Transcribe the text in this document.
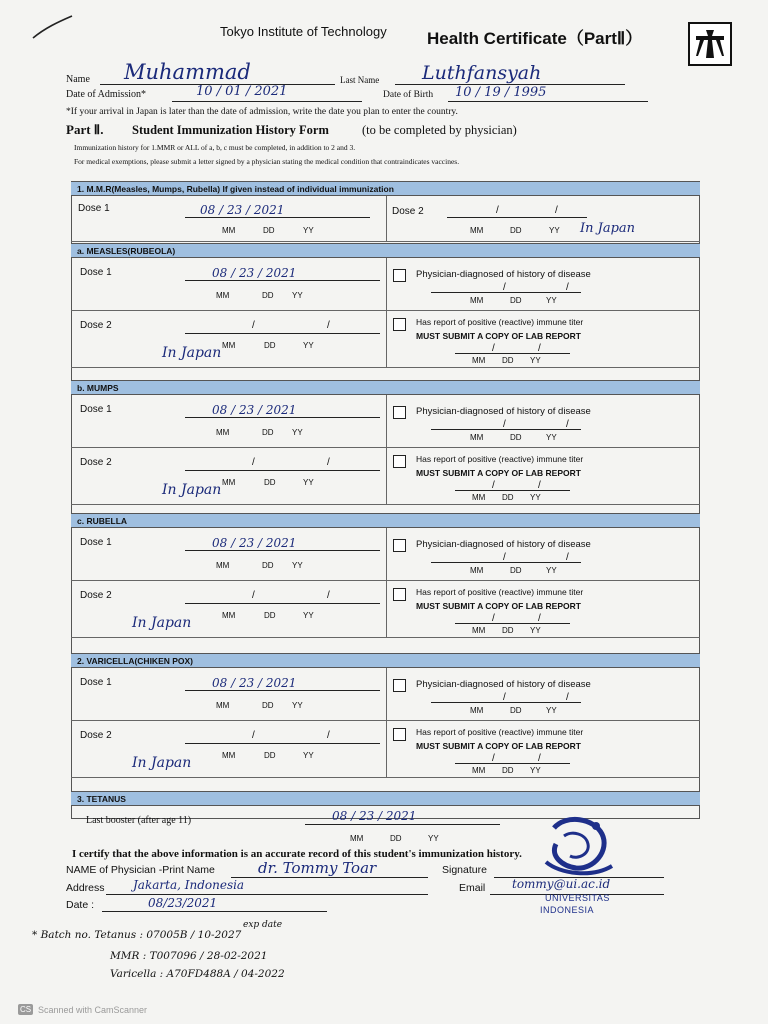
Tokyo Institute of Technology Health Certificate（PartⅡ）
Name Muhammad	Last Name Luthfansyah
Date of Admission*	10 / 01 / 2021	Date of Birth 10 / 19 / 1995
*If your arrival in Japan is later than the date of admission, write the date you plan to enter the country.
Part Ⅱ. Student Immunization History Form	(to be completed by physician)
Immunization history for 1.MMR or ALL of a, b, c must be completed, in addition to 2 and 3.
For medical exemptions, please submit a letter signed by a physician stating the medical condition that contraindicates vaccines.
1. M.M.R(Measles, Mumps, Rubella) If given instead of individual immunization
Dose 1	08 / 23 / 2021
MM	DD	YY
Dose 2	/	/
MM	DD	YY In Japan
a. MEASLES(RUBEOLA)
Dose 1	08 / 23 / 2021
MM	DD YY
Physician-diagnosed of history of disease
/	/
MM	DD	YY
Dose 2	/	/
MM	DD	YY
In Japan
Has report of positive (reactive) immune titer
MUST SUBMIT A COPY OF LAB REPORT
/	/
MM DD YY
b. MUMPS
Dose 1	08 / 23 / 2021
MM	DD YY
Physician-diagnosed of history of disease
/	/
MM	DD	YY
Dose 2	/	/
MM	DD	YY
In Japan
Has report of positive (reactive) immune titer
MUST SUBMIT A COPY OF LAB REPORT
/	/
MM DD YY
c. RUBELLA
Dose 1	08 / 23 / 2021
MM	DD YY
Physician-diagnosed of history of disease
/	/
MM	DD	YY
Dose 2	/	/
MM	DD	YY
In Japan
Has report of positive (reactive) immune titer
MUST SUBMIT A COPY OF LAB REPORT
/	/
MM DD YY
2. VARICELLA(CHIKEN POX)
Dose 1	08 / 23 / 2021
MM	DD YY
Physician-diagnosed of history of disease
/	/
MM	DD	YY
Dose 2	/	/
MM	DD	YY
In Japan
Has report of positive (reactive) immune titer
MUST SUBMIT A COPY OF LAB REPORT
/	/
MM DD YY
3. TETANUS
Last booster (after age 11)	08 / 23 / 2021
MM	DD	YY
I certify that the above information is an accurate record of this student's immunization history.
NAME of Physician -Print Name	dr. Tommy Toar	Signature
Address Jakarta, Indonesia	Email tommy@ui.ac.id
Date :	08/23/2021	UNIVERSITAS
INDONESIA
exp date
* Batch no. Tetanus : 07005B / 10-2027
MMR : T007096 / 28-02-2021
Varicella : A70FD488A / 04-2022
CS Scanned with CamScanner
